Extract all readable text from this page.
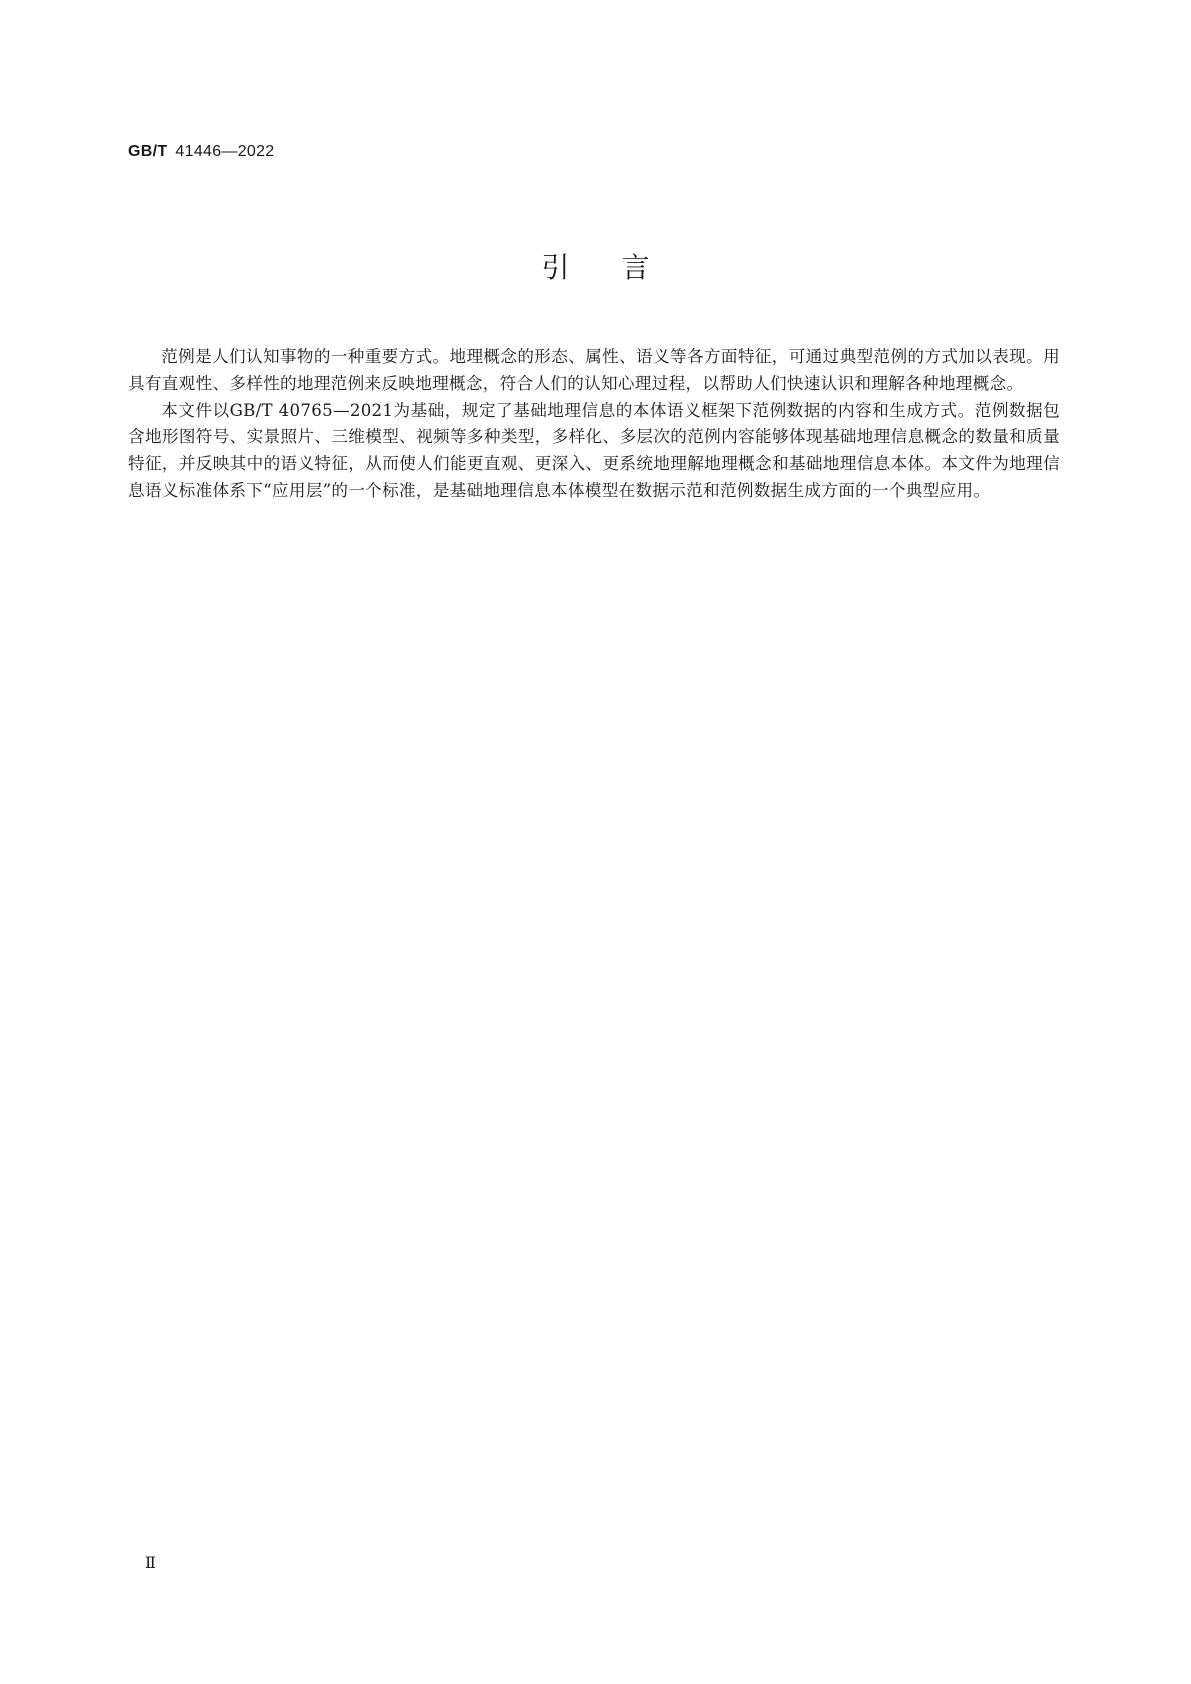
GB/T 41446—2022
引言

范例是人们认知事物的一种重要方式。地理概念的形态、属性、语义等各方面特征，可通过典型范例的方式加以表现。用具有直观性、多样性的地理范例来反映地理概念，符合人们的认知心理过程，以帮助人们快速认识和理解各种地理概念。

本文件以GB/T 40765—2021为基础，规定了基础地理信息的本体语义框架下范例数据的内容和生成方式。范例数据包含地形图符号、实景照片、三维模型、视频等多种类型，多样化、多层次的范例内容能够体现基础地理信息概念的数量和质量特征，并反映其中的语义特征，从而使人们能更直观、更深入、更系统地理解地理概念和基础地理信息本体。本文件为地理信息语义标准体系下“应用层”的一个标准，是基础地理信息本体模型在数据示范和范例数据生成方面的一个典型应用。

Ⅱ
